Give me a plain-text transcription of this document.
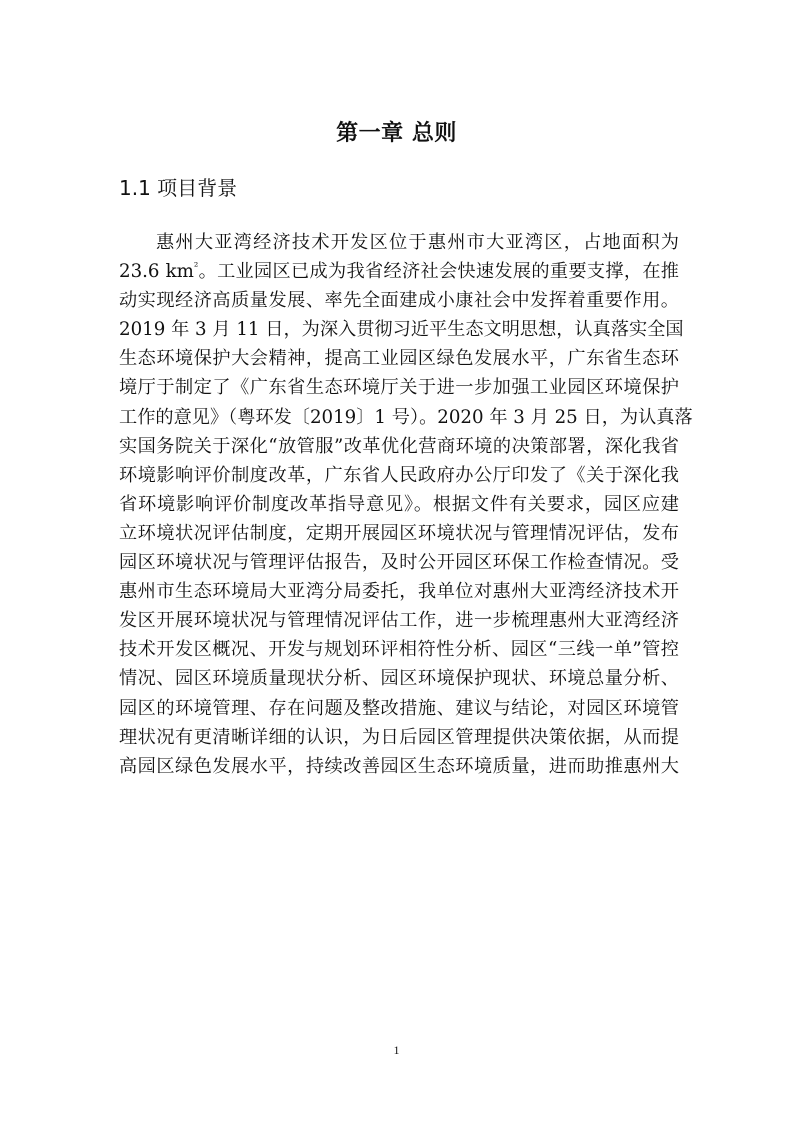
第一章 总则
1.1 项目背景

惠州大亚湾经济技术开发区位于惠州市大亚湾区，占地面积为

23.6 $km^{^2}$。工业园区已成为我省经济社会快速发展的重要支撑，在推

动实现经济高质量发展、率先全面建成小康社会中发挥着重要作用。

2019 年 3 月 11 日，为深入贯彻习近平生态文明思想，认真落实全国

生态环境保护大会精神，提高工业园区绿色发展水平，广东省生态环

境厅于制定了《广东省生态环境厅关于进一步加强工业园区环境保护

工作的意见》（粤环发〔2019〕1 号）。2020 年 3 月 25 日，为认真落

实国务院关于深化“放管服”改革优化营商环境的决策部署，深化我省

环境影响评价制度改革，广东省人民政府办公厅印发了《关于深化我

省环境影响评价制度改革指导意见》。根据文件有关要求，园区应建

立环境状况评估制度，定期开展园区环境状况与管理情况评估，发布

园区环境状况与管理评估报告，及时公开园区环保工作检查情况。受

惠州市生态环境局大亚湾分局委托，我单位对惠州大亚湾经济技术开

发区开展环境状况与管理情况评估工作，进一步梳理惠州大亚湾经济

技术开发区概况、开发与规划环评相符性分析、园区“三线一单”管控

情况、园区环境质量现状分析、园区环境保护现状、环境总量分析、

园区的环境管理、存在问题及整改措施、建议与结论，对园区环境管

理状况有更清晰详细的认识，为日后园区管理提供决策依据，从而提

高园区绿色发展水平，持续改善园区生态环境质量，进而助推惠州大

1
